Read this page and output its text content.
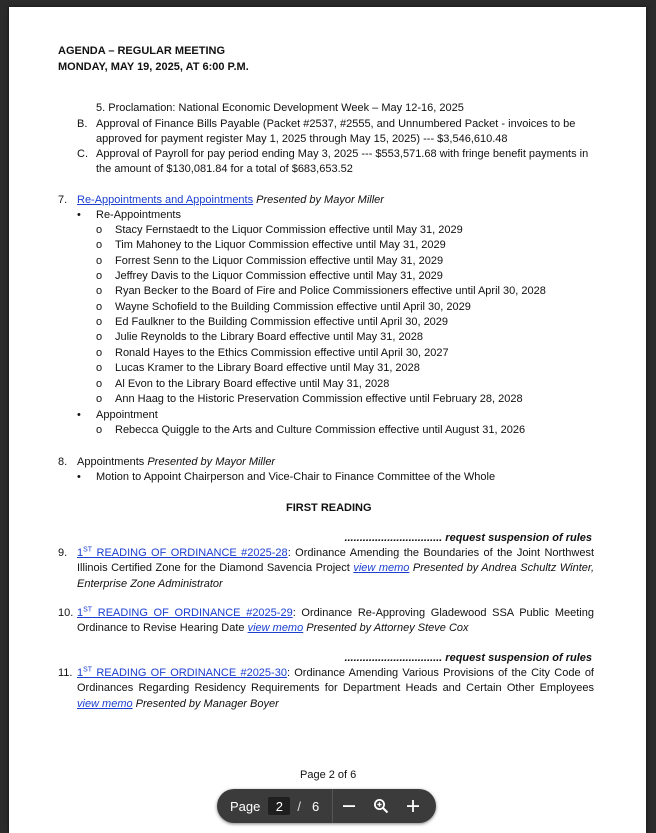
AGENDA – REGULAR MEETING
MONDAY, MAY 19, 2025, AT 6:00 P.M.
5. Proclamation: National Economic Development Week – May 12-16, 2025
B. Approval of Finance Bills Payable (Packet #2537, #2555, and Unnumbered Packet - invoices to be approved for payment register May 1, 2025 through May 15, 2025) --- $3,546,610.48
C. Approval of Payroll for pay period ending May 3, 2025 --- $553,571.68 with fringe benefit payments in the amount of $130,081.84 for a total of $683,653.52
7. Re-Appointments and Appointments Presented by Mayor Miller
• Re-Appointments
o Stacy Fernstaedt to the Liquor Commission effective until May 31, 2029
o Tim Mahoney to the Liquor Commission effective until May 31, 2029
o Forrest Senn to the Liquor Commission effective until May 31, 2029
o Jeffrey Davis to the Liquor Commission effective until May 31, 2029
o Ryan Becker to the Board of Fire and Police Commissioners effective until April 30, 2028
o Wayne Schofield to the Building Commission effective until April 30, 2029
o Ed Faulkner to the Building Commission effective until April 30, 2029
o Julie Reynolds to the Library Board effective until May 31, 2028
o Ronald Hayes to the Ethics Commission effective until April 30, 2027
o Lucas Kramer to the Library Board effective until May 31, 2028
o Al Evon to the Library Board effective until May 31, 2028
o Ann Haag to the Historic Preservation Commission effective until February 28, 2028
• Appointment
o Rebecca Quiggle to the Arts and Culture Commission effective until August 31, 2026
8. Appointments Presented by Mayor Miller
• Motion to Appoint Chairperson and Vice-Chair to Finance Committee of the Whole
FIRST READING
................................ request suspension of rules
9. 1ST READING OF ORDINANCE #2025-28: Ordinance Amending the Boundaries of the Joint Northwest Illinois Certified Zone for the Diamond Savencia Project view memo Presented by Andrea Schultz Winter, Enterprise Zone Administrator
10. 1ST READING OF ORDINANCE #2025-29: Ordinance Re-Approving Gladewood SSA Public Meeting Ordinance to Revise Hearing Date view memo Presented by Attorney Steve Cox
................................ request suspension of rules
11. 1ST READING OF ORDINANCE #2025-30: Ordinance Amending Various Provisions of the City Code of Ordinances Regarding Residency Requirements for Department Heads and Certain Other Employees view memo Presented by Manager Boyer
Page 2 of 6
Page	2	/ 6
